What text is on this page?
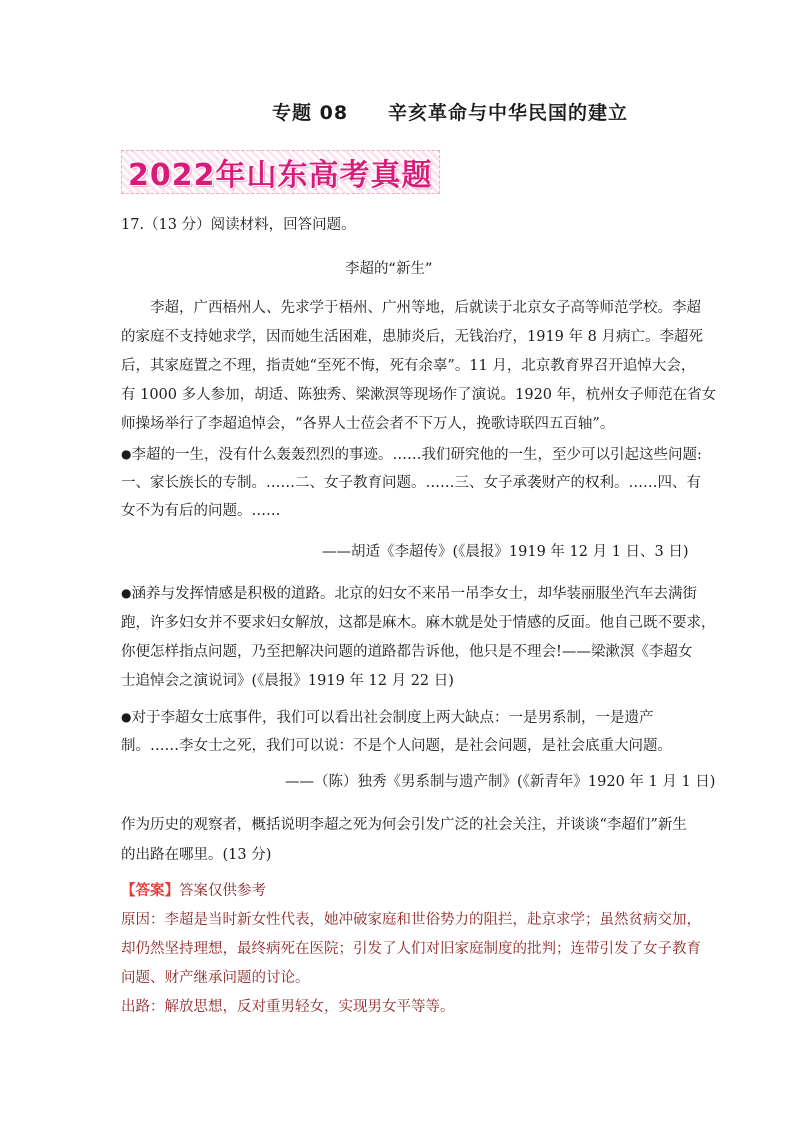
专题 08　　辛亥革命与中华民国的建立
2022年山东高考真题
17.（13 分）阅读材料，回答问题。
李超的“新生”
李超，广西梧州人、先求学于梧州、广州等地，后就读于北京女子高等师范学校。李超
的家庭不支持她求学，因而她生活困难，患肺炎后，无钱治疗，1919 年 8 月病亡。李超死
后，其家庭置之不理，指责她“至死不悔，死有余辜”。11 月，北京教育界召开追悼大会，
有 1000 多人参加，胡适、陈独秀、梁漱溟等现场作了演说。1920 年，杭州女子师范在省女
师操场举行了李超追悼会，“各界人士莅会者不下万人，挽歌诗联四五百轴”。
●李超的一生，没有什么轰轰烈烈的事迹。……我们研究他的一生，至少可以引起这些问题:
一、家长族长的专制。……二、女子教育问题。……三、女子承袭财产的权利。……四、有
女不为有后的问题。……
——胡适《李超传》(《晨报》1919 年 12 月 1 日、3 日)
●涵养与发挥情感是积极的道路。北京的妇女不来吊一吊李女士，却华装丽服坐汽车去满街
跑，许多妇女并不要求妇女解放，这都是麻木。麻木就是处于情感的反面。他自己既不要求，
你便怎样指点问题，乃至把解决问题的道路都告诉他，他只是不理会!——梁漱溟《李超女
士追悼会之演说词》(《晨报》1919 年 12 月 22 日)
●对于李超女士底事件，我们可以看出社会制度上两大缺点：一是男系制，一是遗产
制。……李女士之死，我们可以说：不是个人问题，是社会问题，是社会底重大问题。
——（陈）独秀《男系制与遗产制》(《新青年》1920 年 1 月 1 日)
作为历史的观察者，概括说明李超之死为何会引发广泛的社会关注，并谈谈“李超们”新生
的出路在哪里。(13 分)
【答案】答案仅供参考
原因：李超是当时新女性代表，她冲破家庭和世俗势力的阻拦，赴京求学；虽然贫病交加，
却仍然坚持理想，最终病死在医院；引发了人们对旧家庭制度的批判；连带引发了女子教育
问题、财产继承问题的讨论。
出路：解放思想，反对重男轻女，实现男女平等等。
